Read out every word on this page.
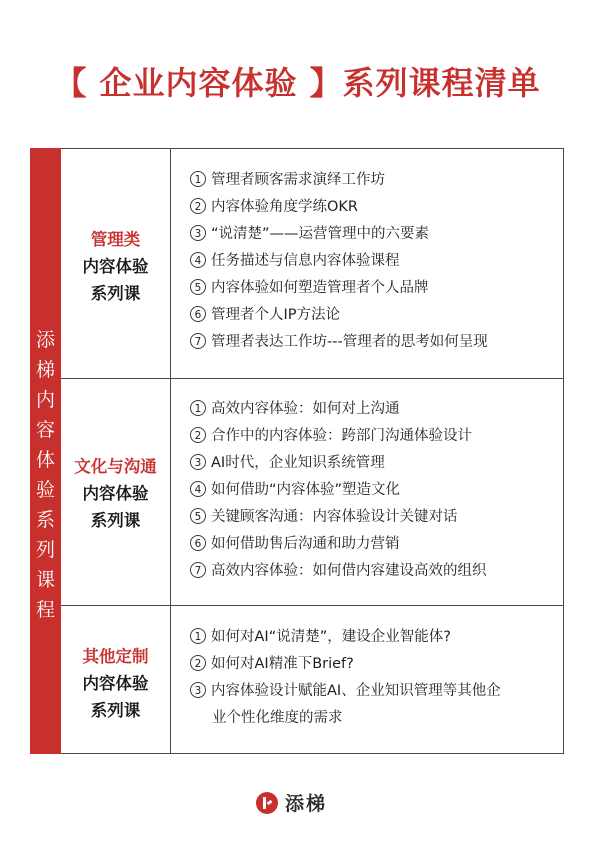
【 企业内容体验 】系列课程清单
添
梯
内
容
体
验
系
列
课
程
管理类
内容体验
系列课
1 管理者顾客需求演绎工作坊
2 内容体验角度学练OKR
3 “说清楚”——运营管理中的六要素
4 任务描述与信息内容体验课程
5 内容体验如何塑造管理者个人品牌
6 管理者个人IP方法论
7 管理者表达工作坊---管理者的思考如何呈现
文化与沟通
内容体验
系列课
1 高效内容体验：如何对上沟通
2 合作中的内容体验：跨部门沟通体验设计
3 AI时代，企业知识系统管理
4 如何借助“内容体验”塑造文化
5 关键顾客沟通：内容体验设计关键对话
6 如何借助售后沟通和助力营销
7 高效内容体验：如何借内容建设高效的组织
其他定制
内容体验
系列课
1 如何对AI“说清楚”，建设企业智能体?
2 如何对AI精准下Brief?
3 内容体验设计赋能AI、企业知识管理等其他企
业个性化维度的需求
添梯
